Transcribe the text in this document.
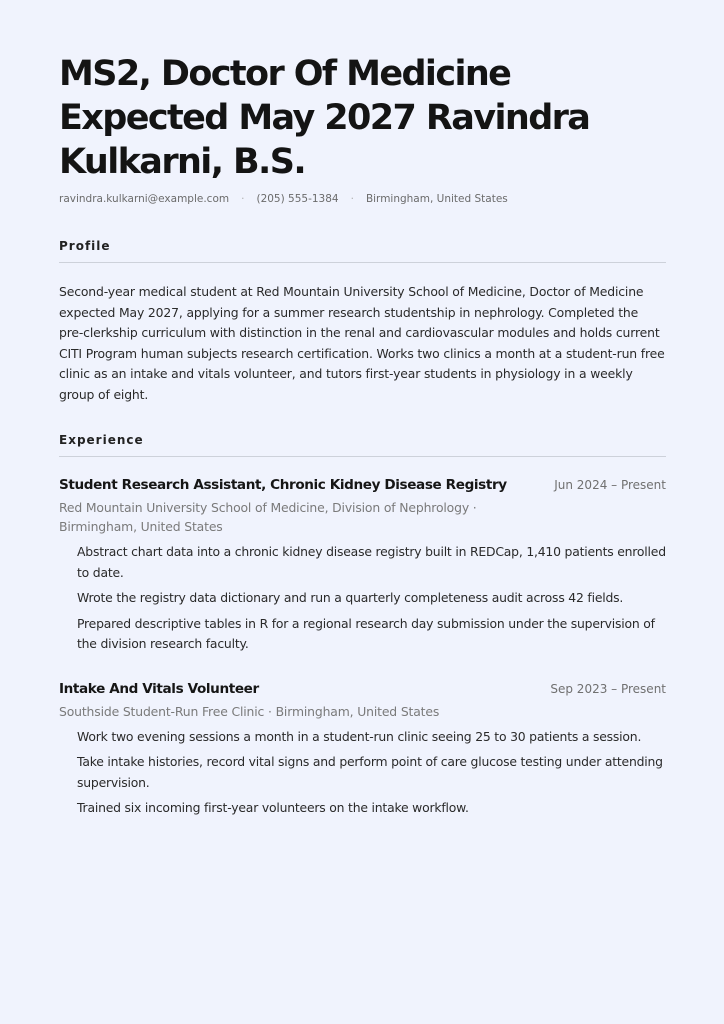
MS2, Doctor Of Medicine Expected May 2027 Ravindra Kulkarni, B.S.
ravindra.kulkarni@example.com · (205) 555-1384 · Birmingham, United States
Profile

Second-year medical student at Red Mountain University School of Medicine, Doctor of Medicine expected May 2027, applying for a summer research studentship in nephrology. Completed the pre-clerkship curriculum with distinction in the renal and cardiovascular modules and holds current CITI Program human subjects research certification. Works two clinics a month at a student-run free clinic as an intake and vitals volunteer, and tutors first-year students in physiology in a weekly group of eight.

Experience
Student Research Assistant, Chronic Kidney Disease Registry	Jun 2024 – Present
Red Mountain University School of Medicine, Division of Nephrology · Birmingham, United States
Abstract chart data into a chronic kidney disease registry built in REDCap, 1,410 patients enrolled to date.
Wrote the registry data dictionary and run a quarterly completeness audit across 42 fields.
Prepared descriptive tables in R for a regional research day submission under the supervision of the division research faculty.
Intake And Vitals Volunteer	Sep 2023 – Present
Southside Student-Run Free Clinic · Birmingham, United States
Work two evening sessions a month in a student-run clinic seeing 25 to 30 patients a session.
Take intake histories, record vital signs and perform point of care glucose testing under attending supervision.
Trained six incoming first-year volunteers on the intake workflow.
